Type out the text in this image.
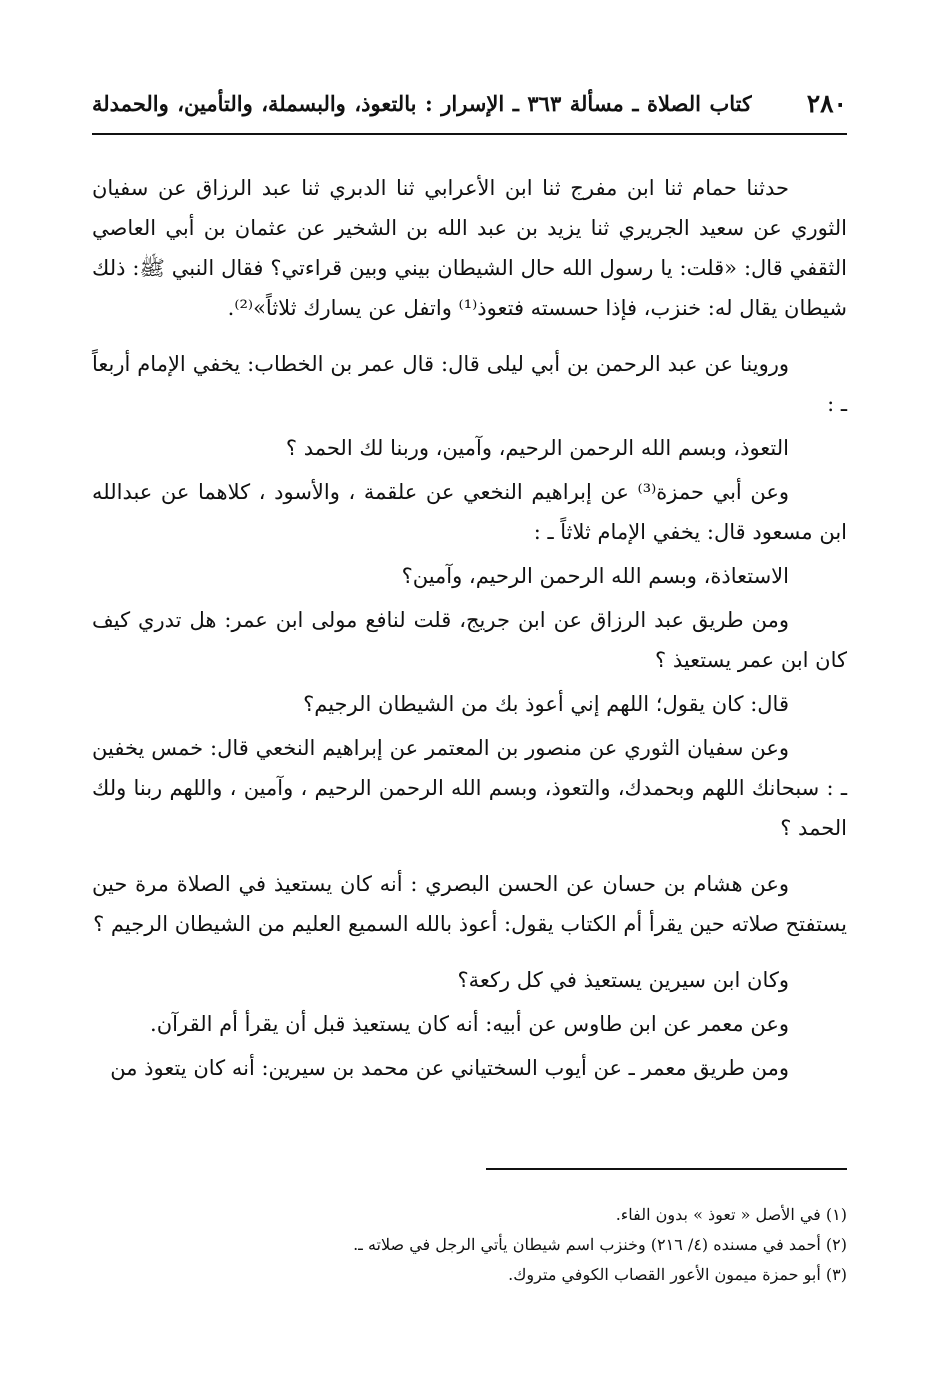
٢٨٠
كتاب الصلاة ـ مسألة ٣٦٣ ـ الإسرار : بالتعوذ، والبسملة، والتأمين، والحمدلة

حدثنا حمام ثنا ابن مفرج ثنا ابن الأعرابي ثنا الدبري ثنا عبد الرزاق عن سفيان الثوري عن سعيد الجريري ثنا يزيد بن عبد الله بن الشخير عن عثمان بن أبي العاصي الثقفي قال: «قلت: يا رسول الله حال الشيطان بيني وبين قراءتي؟ فقال النبي ﷺ: ذلك شيطان يقال له: خنزب، فإذا حسسته فتعوذ⁽¹⁾ واتفل عن يسارك ثلاثاً»⁽²⁾.

وروينا عن عبد الرحمن بن أبي ليلى قال: قال عمر بن الخطاب: يخفي الإمام أربعاً ـ :

التعوذ، وبسم الله الرحمن الرحيم، وآمين، وربنا لك الحمد ؟

وعن أبي حمزة⁽³⁾ عن إبراهيم النخعي عن علقمة ، والأسود ، كلاهما عن عبدالله ابن مسعود قال: يخفي الإمام ثلاثاً ـ :

الاستعاذة، وبسم الله الرحمن الرحيم، وآمين؟

ومن طريق عبد الرزاق عن ابن جريج، قلت لنافع مولى ابن عمر: هل تدري كيف كان ابن عمر يستعيذ ؟

قال: كان يقول؛ اللهم إني أعوذ بك من الشيطان الرجيم؟

وعن سفيان الثوري عن منصور بن المعتمر عن إبراهيم النخعي قال: خمس يخفين ـ : سبحانك اللهم وبحمدك، والتعوذ، وبسم الله الرحمن الرحيم ، وآمين ، واللهم ربنا ولك الحمد ؟

وعن هشام بن حسان عن الحسن البصري : أنه كان يستعيذ في الصلاة مرة حين يستفتح صلاته حين يقرأ أم الكتاب يقول: أعوذ بالله السميع العليم من الشيطان الرجيم ؟

وكان ابن سيرين يستعيذ في كل ركعة؟

وعن معمر عن ابن طاوس عن أبيه: أنه كان يستعيذ قبل أن يقرأ أم القرآن.

ومن طريق معمر ـ عن أيوب السختياني عن محمد بن سيرين: أنه كان يتعوذ من

(١) في الأصل « تعوذ » بدون الفاء.

(٢) أحمد في مسنده (٤/ ٢١٦) وخنزب اسم شيطان يأتي الرجل في صلاته ـ.

(٣) أبو حمزة ميمون الأعور القصاب الكوفي متروك.
